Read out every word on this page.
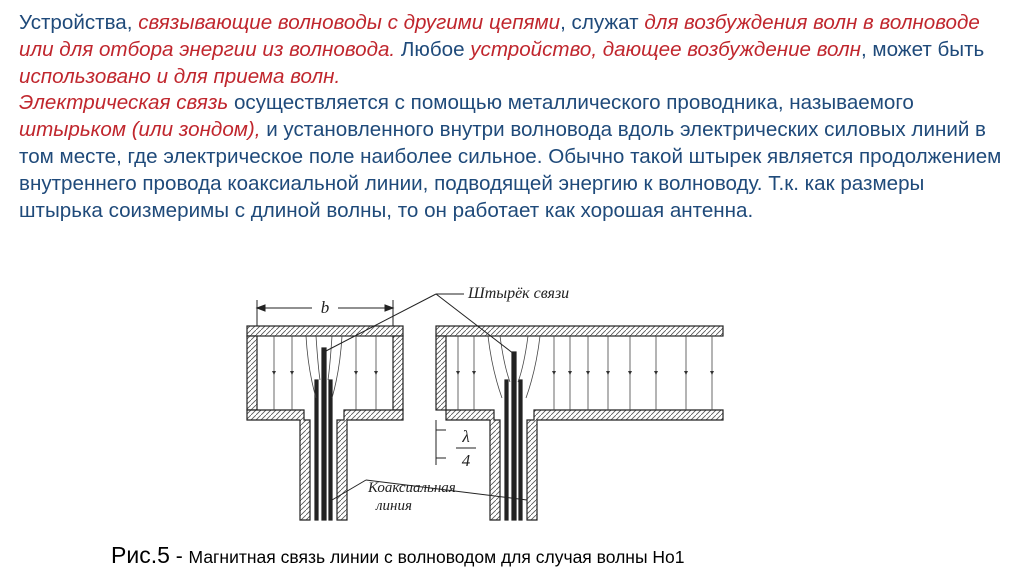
Устройства, связывающие волноводы с другими цепями, служат для возбуждения волн в волноводе или для отбора энергии из волновода. Любое устройство, дающее возбуждение волн, может быть использовано и для приема волн.

Электрическая связь осуществляется с помощью металлического проводника, называемого штырьком (или зондом), и установленного внутри волновода вдоль электрических силовых линий в том месте, где электрическое поле наиболее сильное. Обычно такой штырек является продолжением внутреннего провода коаксиальной линии, подводящей энергию к волноводу. Т.к. как размеры штырька соизмеримы с длиной волны, то он работает как хорошая антенна.

b
λ
4
Штырёк связи
Коаксиальная
линия
Рис.5 - Магнитная связь линии с волноводом для случая волны Ho1
